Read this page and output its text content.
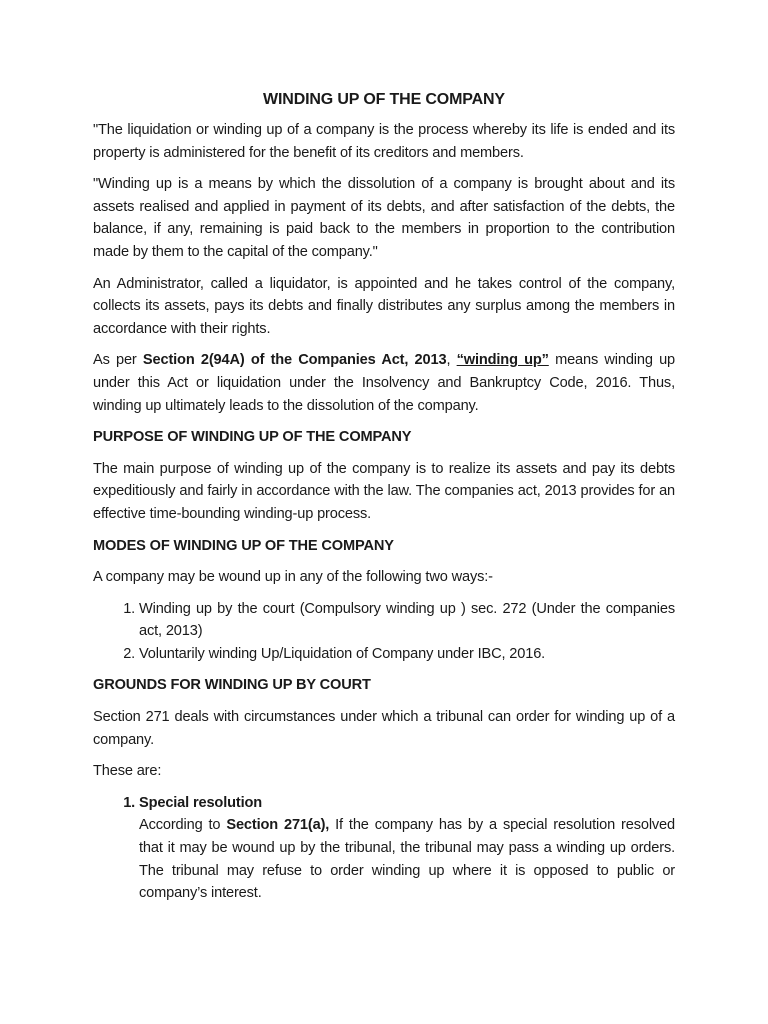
WINDING UP OF THE COMPANY

"The liquidation or winding up of a company is the process whereby its life is ended and its property is administered for the benefit of its creditors and members.

"Winding up is a means by which the dissolution of a company is brought about and its assets realised and applied in payment of its debts, and after satisfaction of the debts, the balance, if any, remaining is paid back to the members in proportion to the contribution made by them to the capital of the company."

An Administrator, called a liquidator, is appointed and he takes control of the company, collects its assets, pays its debts and finally distributes any surplus among the members in accordance with their rights.

As per Section 2(94A) of the Companies Act, 2013, “winding up” means winding up under this Act or liquidation under the Insolvency and Bankruptcy Code, 2016. Thus, winding up ultimately leads to the dissolution of the company.

PURPOSE OF WINDING UP OF THE COMPANY

The main purpose of winding up of the company is to realize its assets and pay its debts expeditiously and fairly in accordance with the law. The companies act, 2013 provides for an effective time-bounding winding-up process.

MODES OF WINDING UP OF THE COMPANY

A company may be wound up in any of the following two ways:-

1. Winding up by the court (Compulsory winding up ) sec. 272 (Under the companies act, 2013)
2. Voluntarily winding Up/Liquidation of Company under IBC, 2016.
GROUNDS FOR WINDING UP BY COURT

Section 271 deals with circumstances under which a tribunal can order for winding up of a company.

These are:

1. Special resolution
According to Section 271(a), If the company has by a special resolution resolved that it may be wound up by the tribunal, the tribunal may pass a winding up orders. The tribunal may refuse to order winding up where it is opposed to public or company’s interest.
